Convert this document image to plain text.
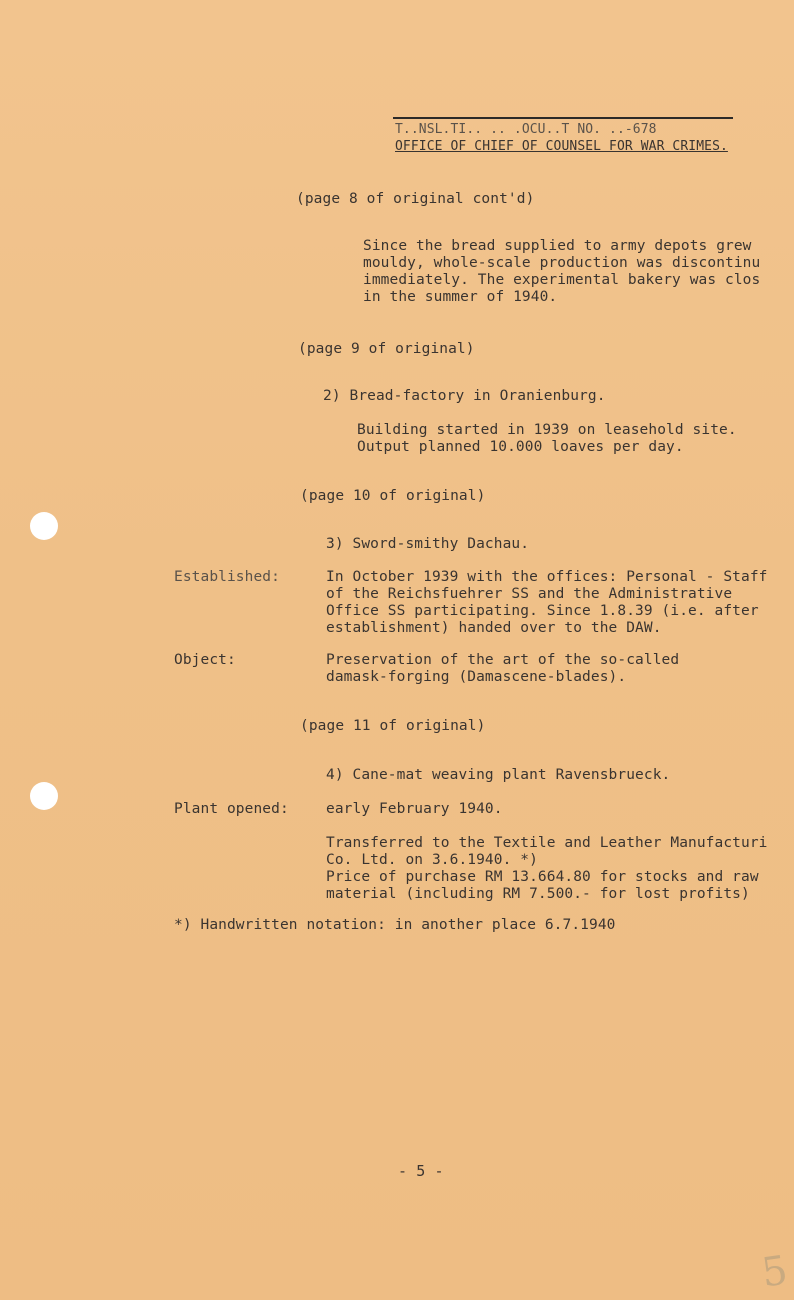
T..NSL.TI.. .. .OCU..T NO. ..-678
OFFICE OF CHIEF OF COUNSEL FOR WAR CRIMES.
(page 8 of original cont'd)
Since the bread supplied to army depots grew
mouldy, whole-scale production was discontinu
immediately. The experimental bakery was clos
in the summer of 1940.
(page 9 of original)
2) Bread-factory in Oranienburg.
Building started in 1939 on leasehold site.
Output planned 10.000 loaves per day.
(page 10 of original)
3) Sword-smithy Dachau.
Established:	In October 1939 with the offices: Personal - Staff
of the Reichsfuehrer SS and the Administrative
Office SS participating. Since 1.8.39 (i.e. after
establishment) handed over to the DAW.
Object:	Preservation of the art of the so-called
damask-forging (Damascene-blades).
(page 11 of original)
4) Cane-mat weaving plant Ravensbrueck.
Plant opened:	early February 1940.
Transferred to the Textile and Leather Manufacturi
Co. Ltd. on 3.6.1940. *)
Price of purchase RM 13.664.80 for stocks and raw
material (including RM 7.500.- for lost profits)
*) Handwritten notation: in another place 6.7.1940
- 5 -
5
